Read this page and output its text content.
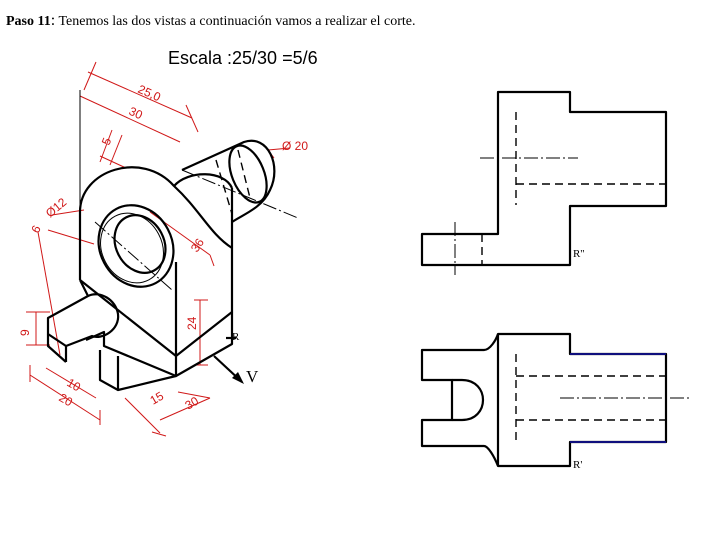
Paso 11: Tenemos las dos vistas a continuación vamos a realizar el corte.
Escala :25/30 =5/6
25,0
30
5	Ø 20
Ø12
6
36
9
24
10
20	15 30
R
V
R''
R'
